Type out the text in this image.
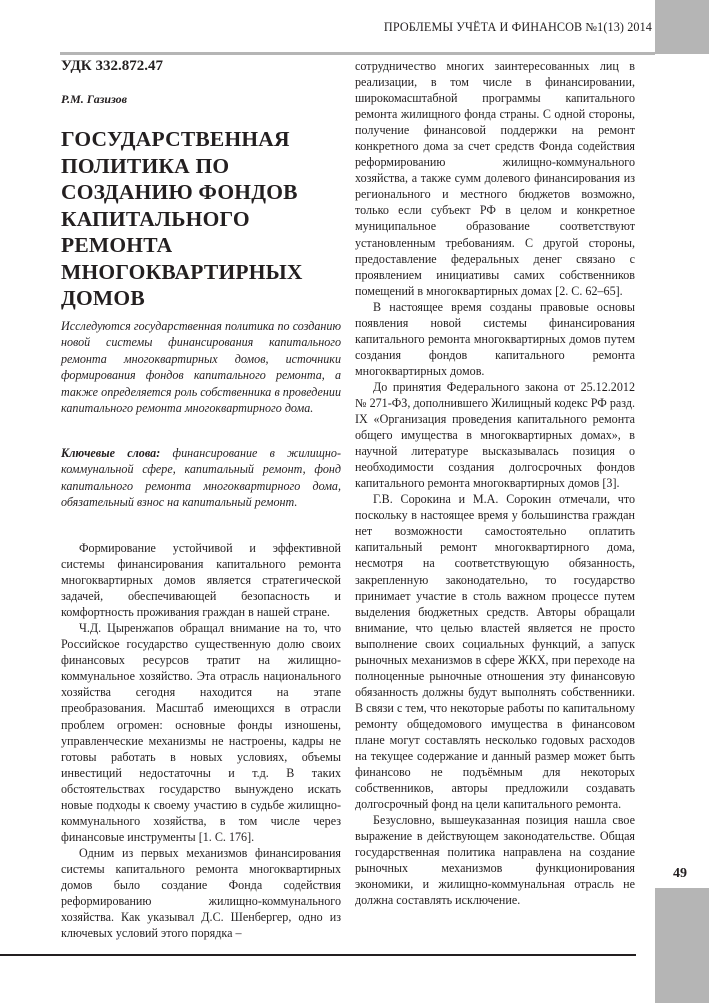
ПРОБЛЕМЫ УЧЁТА И ФИНАНСОВ №1(13) 2014
УДК 332.872.47
Р.М. Газизов
ГОСУДАРСТВЕННАЯ ПОЛИТИКА ПО СОЗДАНИЮ ФОНДОВ КАПИТАЛЬНОГО РЕМОНТА МНОГОКВАРТИРНЫХ ДОМОВ

Исследуются государственная политика по созданию новой системы финансирования капитального ремонта многоквартирных домов, источники формирования фондов капитального ремонта, а также определяется роль собственника в проведении капитального ремонта многоквартирного дома.

Ключевые слова: финансирование в жилищно-коммунальной сфере, капитальный ремонт, фонд капитального ремонта многоквартирного дома, обязательный взнос на капитальный ремонт.

Формирование устойчивой и эффективной системы финансирования капитального ремонта многоквартирных домов является стратегической задачей, обеспечивающей безопасность и комфортность проживания граждан в нашей стране.

Ч.Д. Цыренжапов обращал внимание на то, что Российское государство существенную долю своих финансовых ресурсов тратит на жилищно-коммунальное хозяйство. Эта отрасль национального хозяйства сегодня находится на этапе преобразования. Масштаб имеющихся в отрасли проблем огромен: основные фонды изношены, управленческие механизмы не настроены, кадры не готовы работать в новых условиях, объемы инвестиций недостаточны и т.д. В таких обстоятельствах государство вынуждено искать новые подходы к своему участию в судьбе жилищно-коммунального хозяйства, в том числе через финансовые инструменты [1. С. 176].

Одним из первых механизмов финансирования системы капитального ремонта многоквартирных домов было создание Фонда содействия реформированию жилищно-коммунального хозяйства. Как указывал Д.С. Шенбергер, одно из ключевых условий этого порядка –

сотрудничество многих заинтересованных лиц в реализации, в том числе в финансировании, широкомасштабной программы капитального ремонта жилищного фонда страны. С одной стороны, получение финансовой поддержки на ремонт конкретного дома за счет средств Фонда содействия реформированию жилищно-коммунального хозяйства, а также сумм долевого финансирования из регионального и местного бюджетов возможно, только если субъект РФ в целом и конкретное муниципальное образование соответствуют установленным требованиям. С другой стороны, предоставление федеральных денег связано с проявлением инициативы самих собственников помещений в многоквартирных домах [2. С. 62–65].

В настоящее время созданы правовые основы появления новой системы финансирования капитального ремонта многоквартирных домов путем создания фондов капитального ремонта многоквартирных домов.

До принятия Федерального закона от 25.12.2012 № 271-ФЗ, дополнившего Жилищный кодекс РФ разд. IX «Организация проведения капитального ремонта общего имущества в многоквартирных домах», в научной литературе высказывалась позиция о необходимости создания долгосрочных фондов капитального ремонта многоквартирных домов [3].

Г.В. Сорокина и М.А. Сорокин отмечали, что поскольку в настоящее время у большинства граждан нет возможности самостоятельно оплатить капитальный ремонт многоквартирного дома, несмотря на соответствующую обязанность, закрепленную законодательно, то государство принимает участие в столь важном процессе путем выделения бюджетных средств. Авторы обращали внимание, что целью властей является не просто выполнение своих социальных функций, а запуск рыночных механизмов в сфере ЖКХ, при переходе на полноценные рыночные отношения эту финансовую обязанность должны будут выполнять собственники. В связи с тем, что некоторые работы по капитальному ремонту общедомового имущества в финансовом плане могут составлять несколько годовых расходов на текущее содержание и данный размер может быть финансово не подъёмным для некоторых собственников, авторы предложили создавать долгосрочный фонд на цели капитального ремонта.

Безусловно, вышеуказанная позиция нашла свое выражение в действующем законодательстве. Общая государственная политика направлена на создание рыночных механизмов функционирования экономики, и жилищно-коммунальная отрасль не должна составлять исключение.

49
